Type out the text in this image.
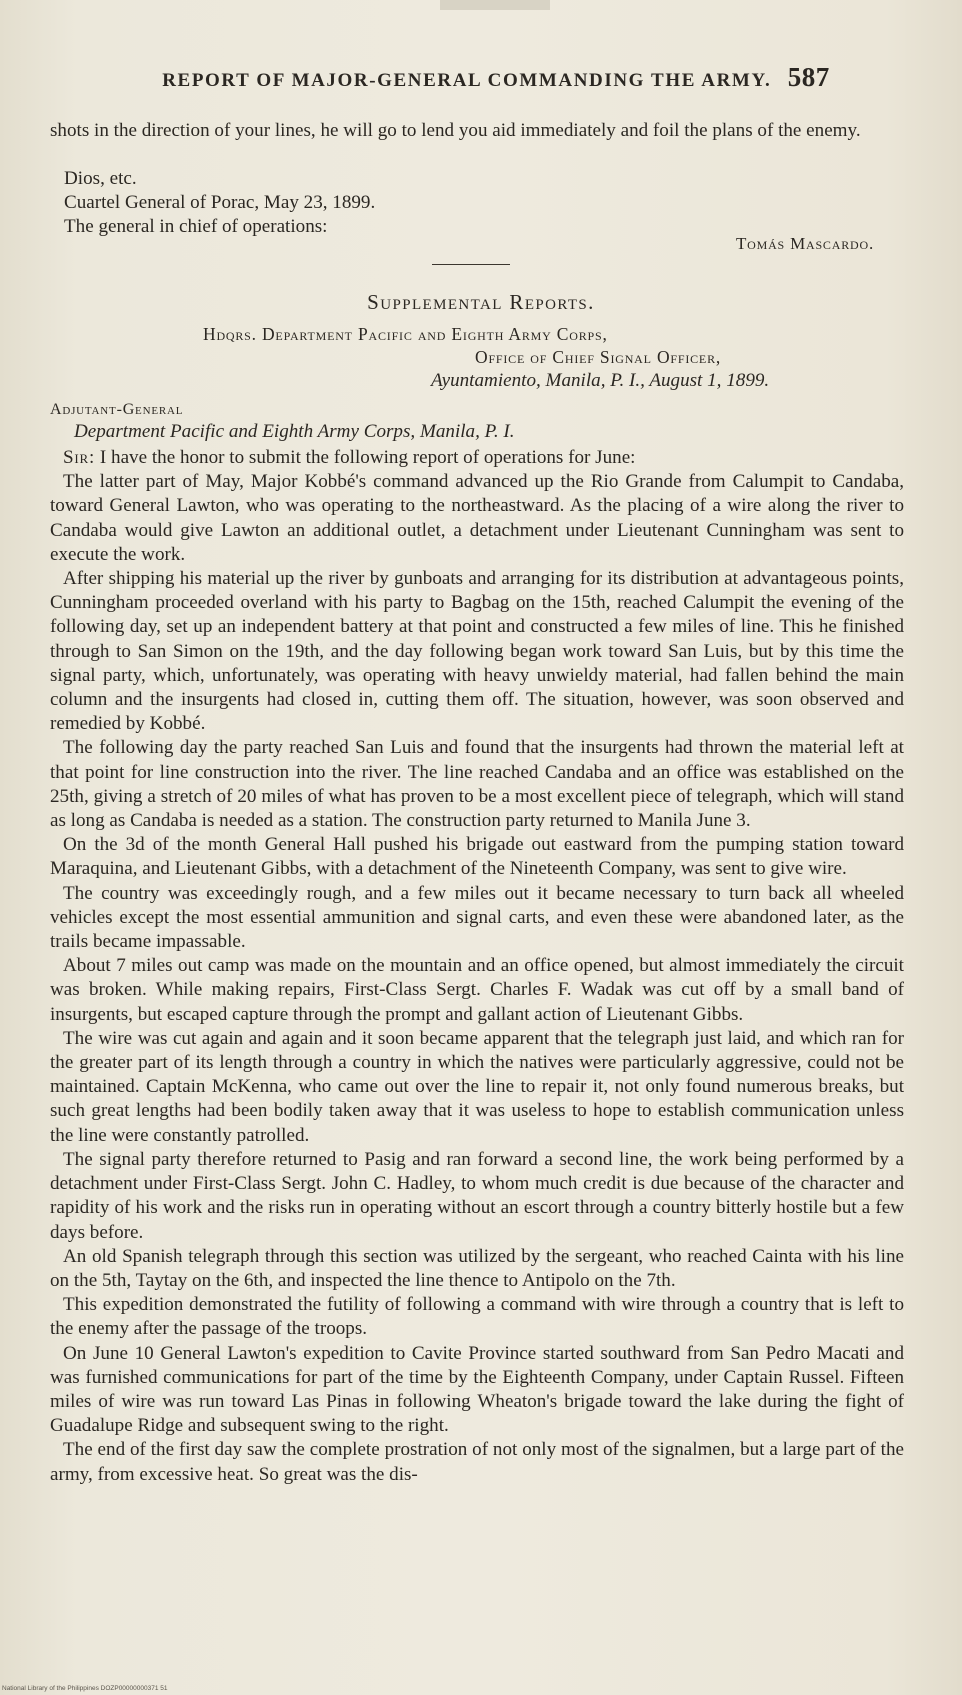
REPORT OF MAJOR-GENERAL COMMANDING THE ARMY. 587

shots in the direction of your lines, he will go to lend you aid immediately and foil the plans of the enemy.

Dios, etc.
Cuartel General of Porac, May 23, 1899.
The general in chief of operations:
Tomás Mascardo.
Supplemental Reports.
Hdqrs. Department Pacific and Eighth Army Corps,
Office of Chief Signal Officer,
Ayuntamiento, Manila, P. I., August 1, 1899.
Adjutant-General
Department Pacific and Eighth Army Corps, Manila, P. I.

Sir: I have the honor to submit the following report of operations for June:

The latter part of May, Major Kobbé's command advanced up the Rio Grande from Calumpit to Candaba, toward General Lawton, who was operating to the northeastward. As the placing of a wire along the river to Candaba would give Lawton an additional outlet, a detachment under Lieutenant Cunningham was sent to execute the work.

After shipping his material up the river by gunboats and arranging for its distribution at advantageous points, Cunningham proceeded overland with his party to Bagbag on the 15th, reached Calumpit the evening of the following day, set up an independent battery at that point and constructed a few miles of line. This he finished through to San Simon on the 19th, and the day following began work toward San Luis, but by this time the signal party, which, unfortunately, was operating with heavy unwieldy material, had fallen behind the main column and the insurgents had closed in, cutting them off. The situation, however, was soon observed and remedied by Kobbé.

The following day the party reached San Luis and found that the insurgents had thrown the material left at that point for line construction into the river. The line reached Candaba and an office was established on the 25th, giving a stretch of 20 miles of what has proven to be a most excellent piece of telegraph, which will stand as long as Candaba is needed as a station. The construction party returned to Manila June 3.

On the 3d of the month General Hall pushed his brigade out eastward from the pumping station toward Maraquina, and Lieutenant Gibbs, with a detachment of the Nineteenth Company, was sent to give wire.

The country was exceedingly rough, and a few miles out it became necessary to turn back all wheeled vehicles except the most essential ammunition and signal carts, and even these were abandoned later, as the trails became impassable.

About 7 miles out camp was made on the mountain and an office opened, but almost immediately the circuit was broken. While making repairs, First-Class Sergt. Charles F. Wadak was cut off by a small band of insurgents, but escaped capture through the prompt and gallant action of Lieutenant Gibbs.

The wire was cut again and again and it soon became apparent that the telegraph just laid, and which ran for the greater part of its length through a country in which the natives were particularly aggressive, could not be maintained. Captain McKenna, who came out over the line to repair it, not only found numerous breaks, but such great lengths had been bodily taken away that it was useless to hope to establish communication unless the line were constantly patrolled.

The signal party therefore returned to Pasig and ran forward a second line, the work being performed by a detachment under First-Class Sergt. John C. Hadley, to whom much credit is due because of the character and rapidity of his work and the risks run in operating without an escort through a country bitterly hostile but a few days before.

An old Spanish telegraph through this section was utilized by the sergeant, who reached Cainta with his line on the 5th, Taytay on the 6th, and inspected the line thence to Antipolo on the 7th.

This expedition demonstrated the futility of following a command with wire through a country that is left to the enemy after the passage of the troops.

On June 10 General Lawton's expedition to Cavite Province started southward from San Pedro Macati and was furnished communications for part of the time by the Eighteenth Company, under Captain Russel. Fifteen miles of wire was run toward Las Pinas in following Wheaton's brigade toward the lake during the fight of Guadalupe Ridge and subsequent swing to the right.

The end of the first day saw the complete prostration of not only most of the signalmen, but a large part of the army, from excessive heat. So great was the dis-

National Library of the Philippines DOZP00000000371 51
